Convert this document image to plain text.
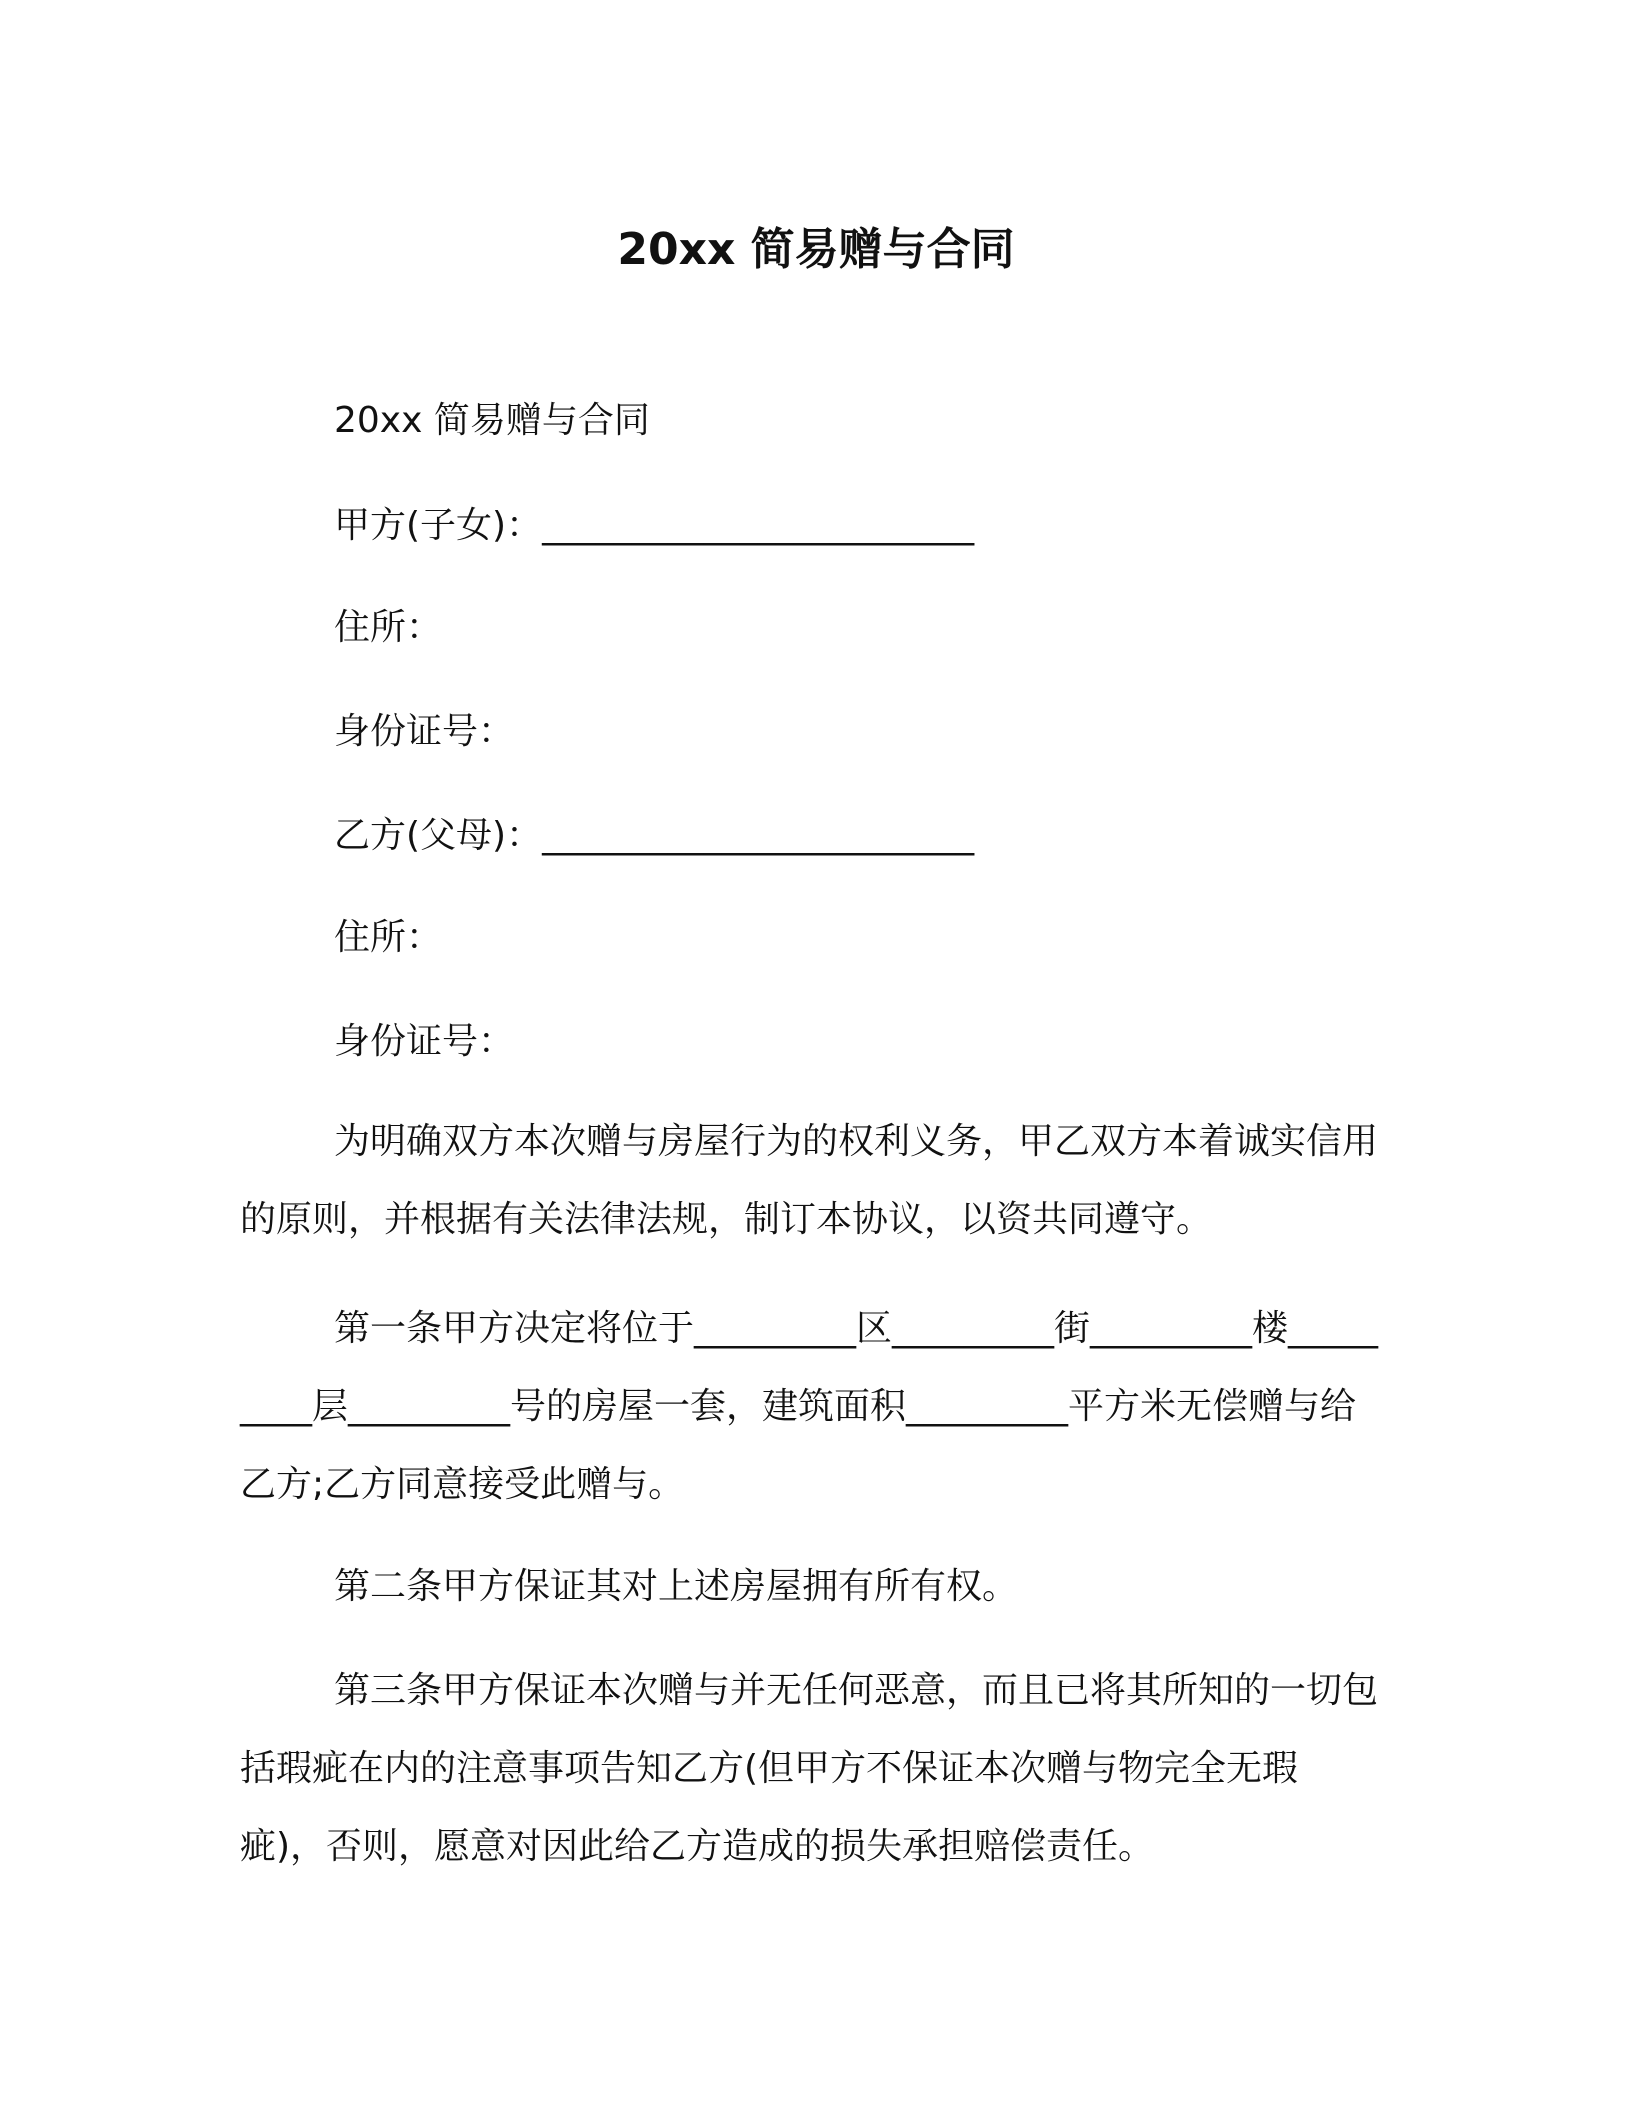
20xx 简易赠与合同
20xx 简易赠与合同
甲方(子女)：________________________
住所：
身份证号：
乙方(父母)：________________________
住所：
身份证号：
为明确双方本次赠与房屋行为的权利义务，甲乙双方本着诚实信用的原则，并根据有关法律法规，制订本协议，以资共同遵守。
第一条甲方决定将位于_________区_________街_________楼_________层_________号的房屋一套，建筑面积_________平方米无偿赠与给乙方;乙方同意接受此赠与。
第二条甲方保证其对上述房屋拥有所有权。
第三条甲方保证本次赠与并无任何恶意，而且已将其所知的一切包括瑕疵在内的注意事项告知乙方(但甲方不保证本次赠与物完全无瑕疵)，否则，愿意对因此给乙方造成的损失承担赔偿责任。
